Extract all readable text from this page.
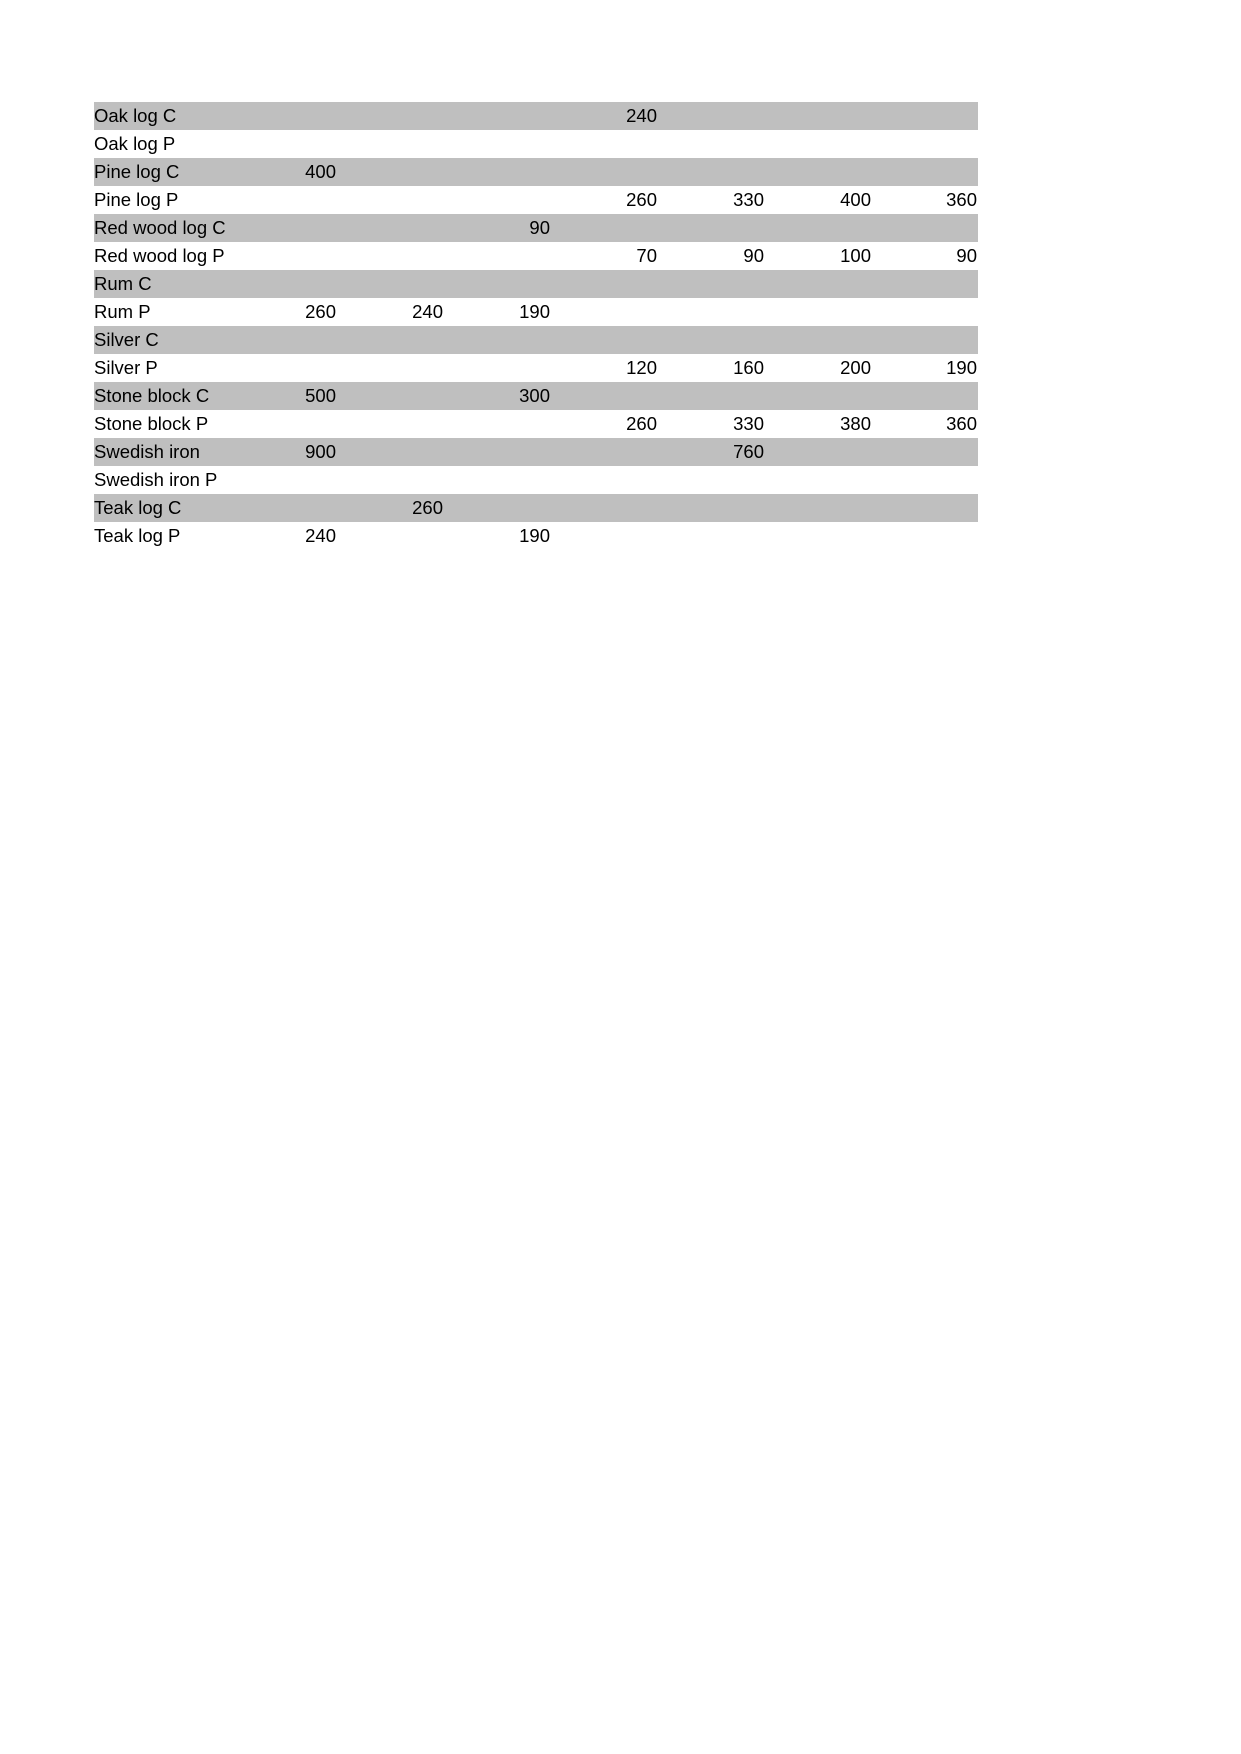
Oak log C				240			
Oak log P							
Pine log C	400						
Pine log P				260	330	400	360
Red wood log C			90				
Red wood log P				70	90	100	90
Rum C							
Rum P	260	240	190				
Silver C							
Silver P				120	160	200	190
Stone block C	500		300				
Stone block P				260	330	380	360
Swedish iron	900				760		
Swedish iron P							
Teak log C		260					
Teak log P	240		190				
